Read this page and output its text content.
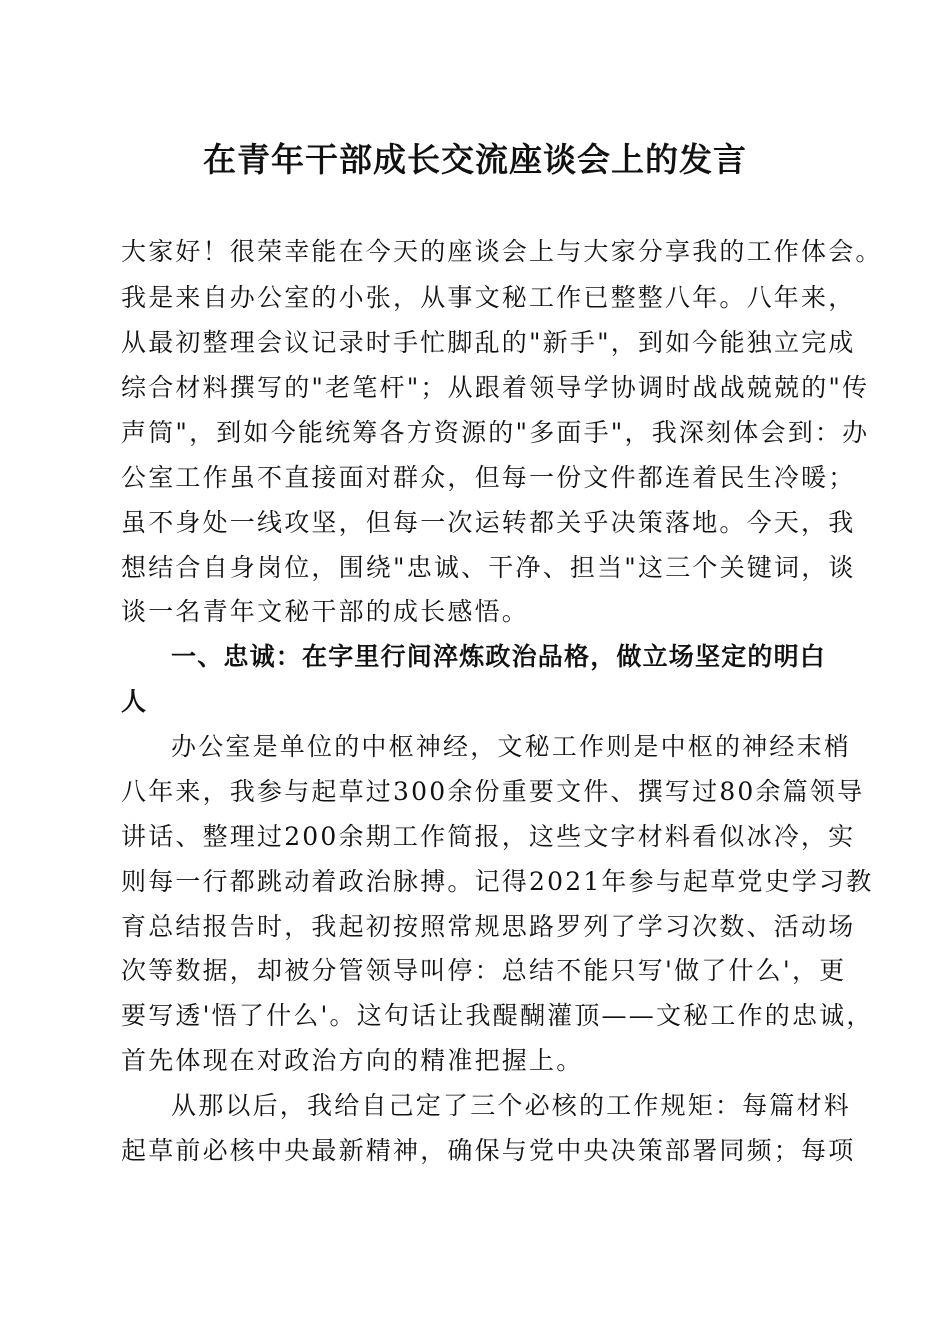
在青年干部成长交流座谈会上的发言

大家好！很荣幸能在今天的座谈会上与大家分享我的工作体会。

我是来自办公室的小张，从事文秘工作已整整八年。八年来，

从最初整理会议记录时手忙脚乱的"新手"，到如今能独立完成

综合材料撰写的"老笔杆"；从跟着领导学协调时战战兢兢的"传

声筒"，到如今能统筹各方资源的"多面手"，我深刻体会到：办

公室工作虽不直接面对群众，但每一份文件都连着民生冷暖；

虽不身处一线攻坚，但每一次运转都关乎决策落地。今天，我

想结合自身岗位，围绕"忠诚、干净、担当"这三个关键词，谈

谈一名青年文秘干部的成长感悟。

一、忠诚：在字里行间淬炼政治品格，做立场坚定的明白

人

办公室是单位的中枢神经，文秘工作则是中枢的神经末梢

八年来，我参与起草过300余份重要文件、撰写过80余篇领导

讲话、整理过200余期工作简报，这些文字材料看似冰冷，实

则每一行都跳动着政治脉搏。记得2021年参与起草党史学习教

育总结报告时，我起初按照常规思路罗列了学习次数、活动场

次等数据，却被分管领导叫停：总结不能只写'做了什么'，更

要写透'悟了什么'。这句话让我醍醐灌顶——文秘工作的忠诚，

首先体现在对政治方向的精准把握上。

从那以后，我给自己定了三个必核的工作规矩：每篇材料

起草前必核中央最新精神，确保与党中央决策部署同频；每项
